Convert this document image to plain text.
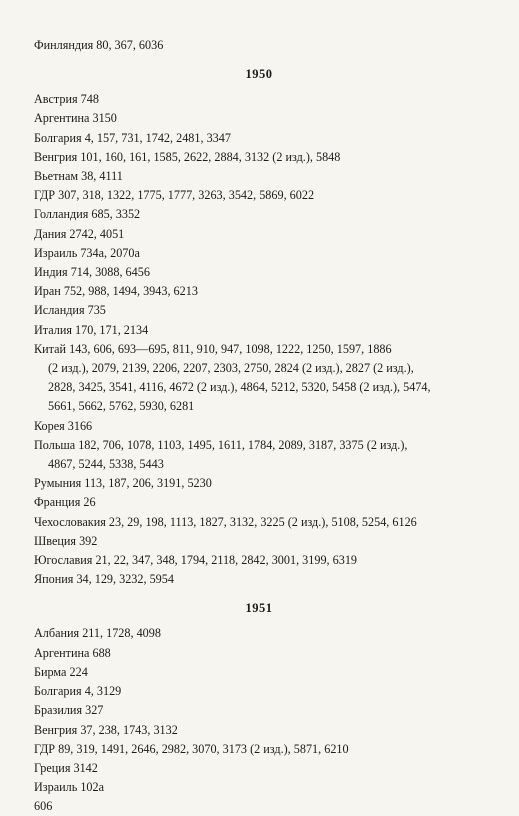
Финляндия 80, 367, 6036
1950
Австрия 748
Аргентина 3150
Болгария 4, 157, 731, 1742, 2481, 3347
Венгрия 101, 160, 161, 1585, 2622, 2884, 3132 (2 изд.), 5848
Вьетнам 38, 4111
ГДР 307, 318, 1322, 1775, 1777, 3263, 3542, 5869, 6022
Голландия 685, 3352
Дания 2742, 4051
Израиль 734а, 2070а
Индия 714, 3088, 6456
Иран 752, 988, 1494, 3943, 6213
Исландия 735
Италия 170, 171, 2134
Китай 143, 606, 693—695, 811, 910, 947, 1098, 1222, 1250, 1597, 1886
(2 изд.), 2079, 2139, 2206, 2207, 2303, 2750, 2824 (2 изд.), 2827 (2 изд.),
2828, 3425, 3541, 4116, 4672 (2 изд.), 4864, 5212, 5320, 5458 (2 изд.), 5474,
5661, 5662, 5762, 5930, 6281
Корея 3166
Польша 182, 706, 1078, 1103, 1495, 1611, 1784, 2089, 3187, 3375 (2 изд.),
4867, 5244, 5338, 5443
Румыния 113, 187, 206, 3191, 5230
Франция 26
Чехословакия 23, 29, 198, 1113, 1827, 3132, 3225 (2 изд.), 5108, 5254, 6126
Швеция 392
Югославия 21, 22, 347, 348, 1794, 2118, 2842, 3001, 3199, 6319
Япония 34, 129, 3232, 5954
1951
Албания 211, 1728, 4098
Аргентина 688
Бирма 224
Болгария 4, 3129
Бразилия 327
Венгрия 37, 238, 1743, 3132
ГДР 89, 319, 1491, 2646, 2982, 3070, 3173 (2 изд.), 5871, 6210
Греция 3142
Израиль 102а
606
